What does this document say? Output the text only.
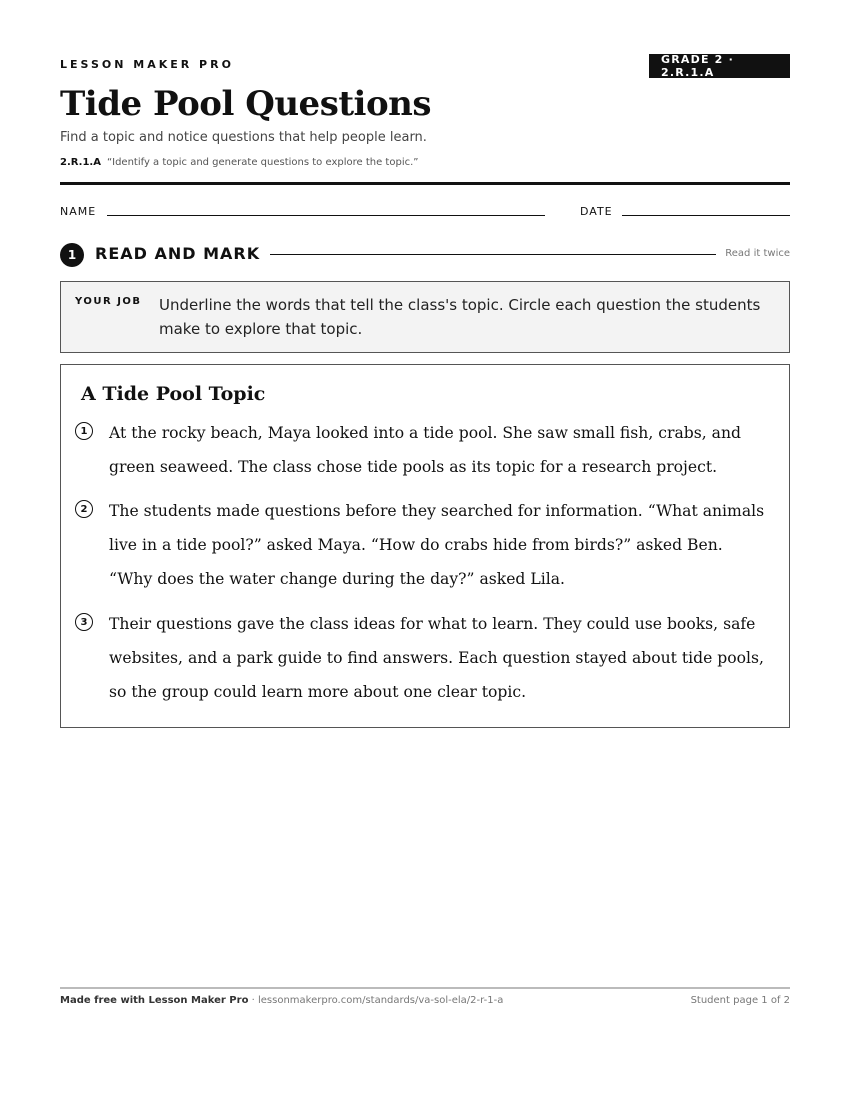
LESSON MAKER PRO	GRADE 2 · 2.R.1.A
Tide Pool Questions
Find a topic and notice questions that help people learn.
2.R.1.A “Identify a topic and generate questions to explore the topic.”
NAME	DATE
1	READ AND MARK	Read it twice
YOUR JOB Underline the words that tell the class's topic. Circle each question the students make to explore that topic.
A Tide Pool Topic
1	At the rocky beach, Maya looked into a tide pool. She saw small fish, crabs, and green seaweed. The class chose tide pools as its topic for a research project.
2	The students made questions before they searched for information. “What animals live in a tide pool?” asked Maya. “How do crabs hide from birds?” asked Ben. “Why does the water change during the day?” asked Lila.
3	Their questions gave the class ideas for what to learn. They could use books, safe websites, and a park guide to find answers. Each question stayed about tide pools, so the group could learn more about one clear topic.
Made free with Lesson Maker Pro · lessonmakerpro.com/standards/va-sol-ela/2-r-1-a	Student page 1 of 2
